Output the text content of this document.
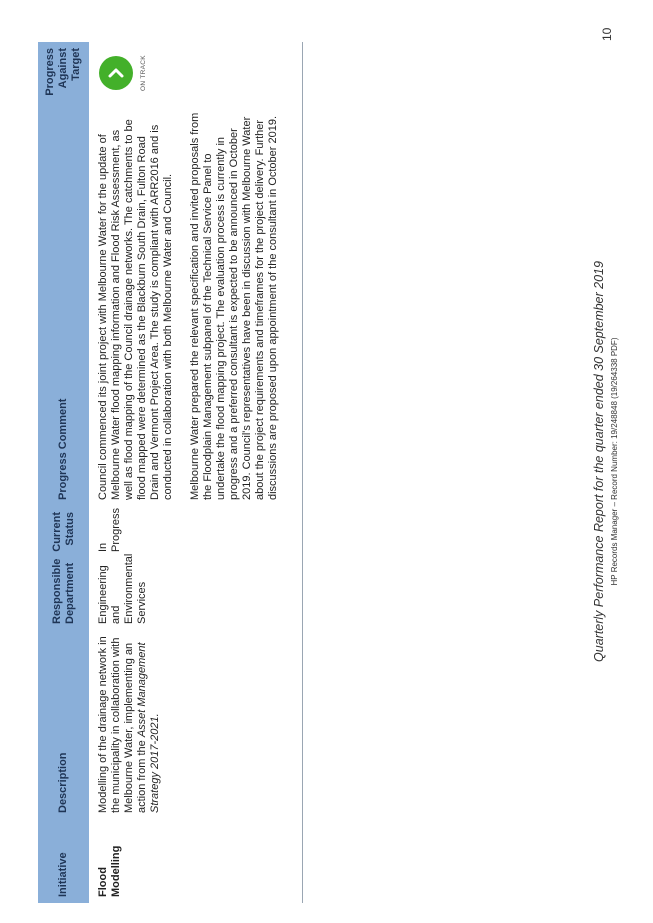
Initiative	Description	Responsible Department	Current Status	Progress Comment	Progress Against Target
Flood Modelling	Modelling of the drainage network in the municipality in collaboration with Melbourne Water, implementing an action from the Asset Management Strategy 2017-2021.	Engineering and Environmental Services	In Progress	Council commenced its joint project with Melbourne Water for the update of Melbourne Water flood mapping information and Flood Risk Assessment, as well as flood mapping of the Council drainage networks. The catchments to be flood mapped were determined as the Blackburn South Drain, Fulton Road Drain and Vermont Project Area. The study is compliant with ARR2016 and is conducted in collaboration with both Melbourne Water and Council. Melbourne Water prepared the relevant specification and invited proposals from the Floodplain Management subpanel of the Technical Service Panel to undertake the flood mapping project. The evaluation process is currently in progress and a preferred consultant is expected to be announced in October 2019. Council's representatives have been in discussion with Melbourne Water about the project requirements and timeframes for the project delivery. Further discussions are proposed upon appointment of the consultant in October 2019.	ON TRACK
Quarterly Performance Report for the quarter ended 30 September 2019 HP Records Manager – Record Number: 19/248848 (19/264338 PDF)
10
